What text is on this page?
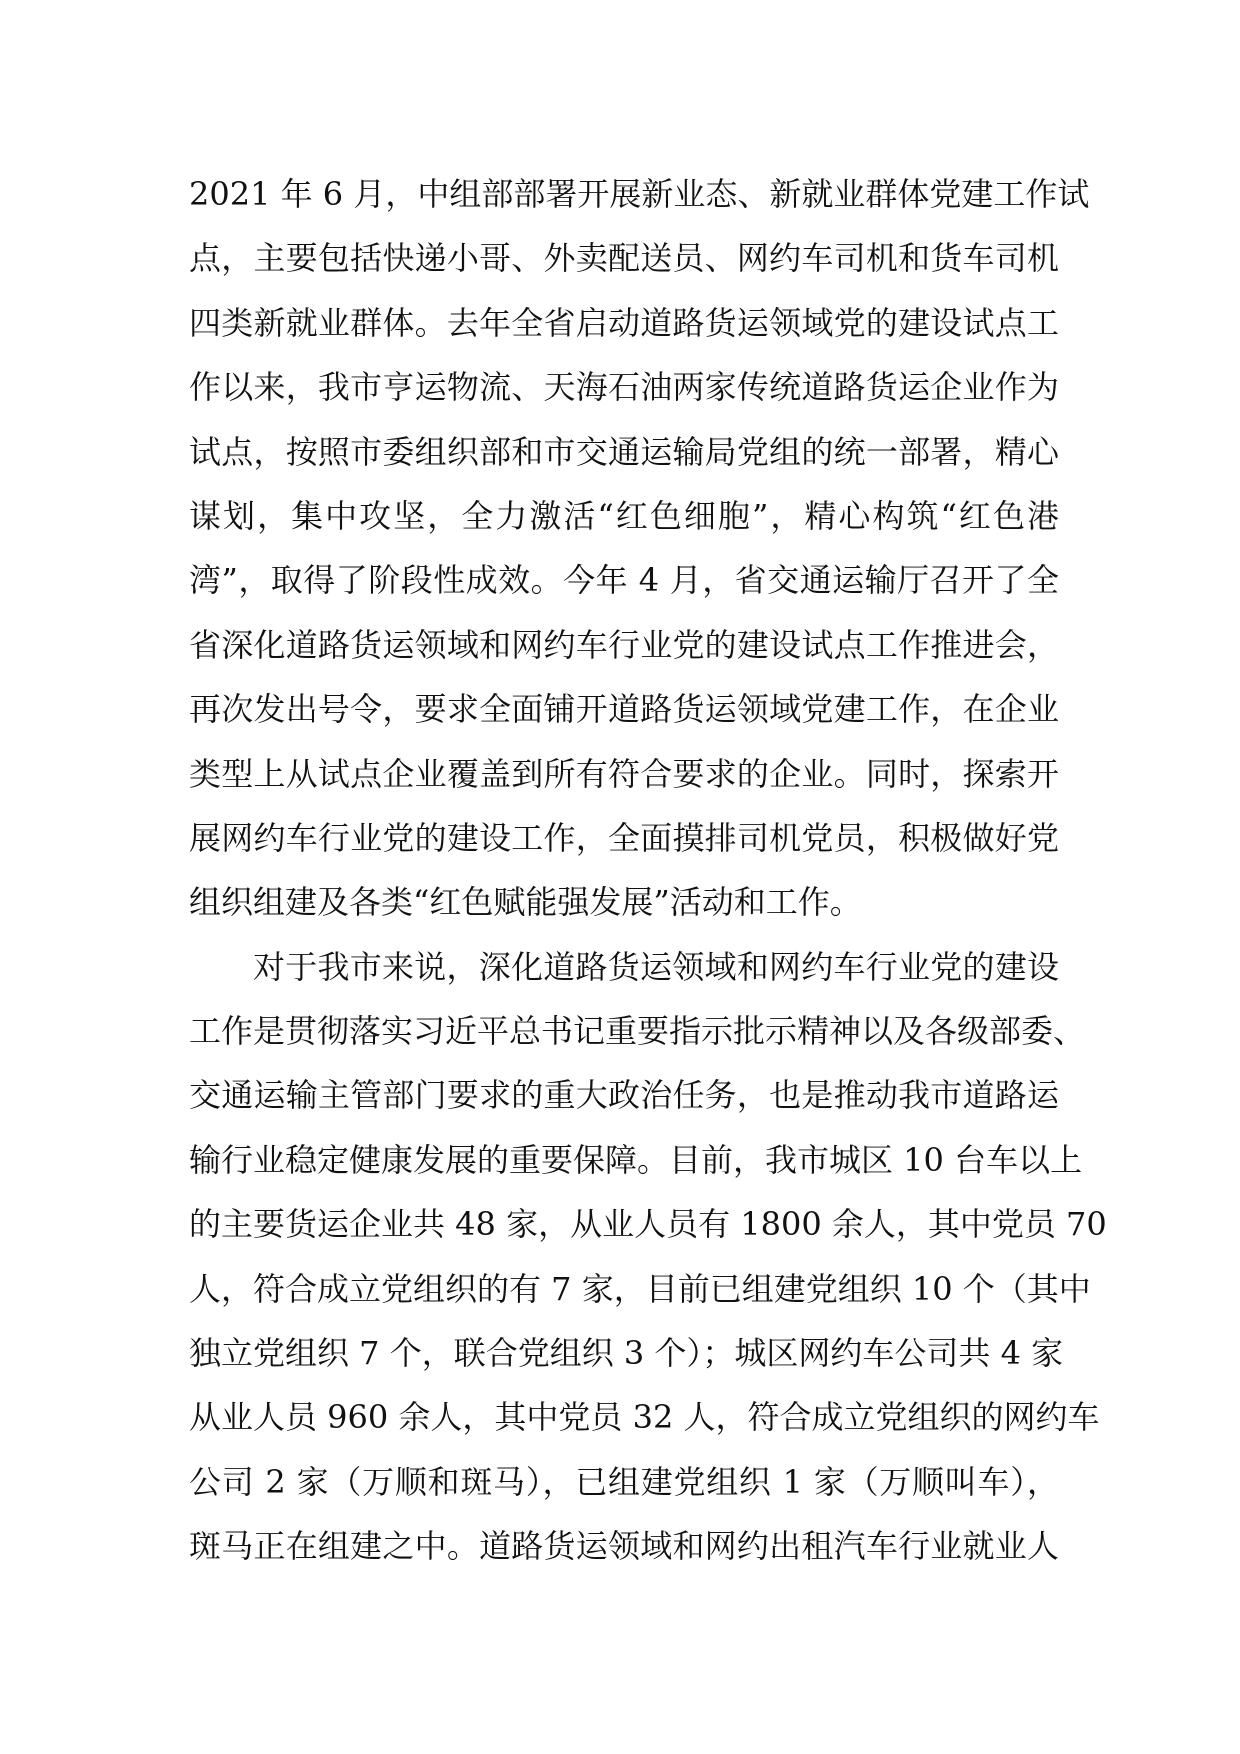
2021 年 6 月，中组部部署开展新业态、新就业群体党建工作试
点，主要包括快递小哥、外卖配送员、网约车司机和货车司机
四类新就业群体。去年全省启动道路货运领域党的建设试点工
作以来，我市亨运物流、天海石油两家传统道路货运企业作为
试点，按照市委组织部和市交通运输局党组的统一部署，精心
谋划，集中攻坚，全力激活“红色细胞”，精心构筑“红色港
湾”，取得了阶段性成效。今年 4 月，省交通运输厅召开了全
省深化道路货运领域和网约车行业党的建设试点工作推进会，
再次发出号令，要求全面铺开道路货运领域党建工作，在企业
类型上从试点企业覆盖到所有符合要求的企业。同时，探索开
展网约车行业党的建设工作，全面摸排司机党员，积极做好党
组织组建及各类“红色赋能强发展”活动和工作。
对于我市来说，深化道路货运领域和网约车行业党的建设
工作是贯彻落实习近平总书记重要指示批示精神以及各级部委、
交通运输主管部门要求的重大政治任务，也是推动我市道路运
输行业稳定健康发展的重要保障。目前，我市城区 10 台车以上
的主要货运企业共 48 家，从业人员有 1800 余人，其中党员 70
人，符合成立党组织的有 7 家，目前已组建党组织 10 个（其中
独立党组织 7 个，联合党组织 3 个）；城区网约车公司共 4 家
从业人员 960 余人，其中党员 32 人，符合成立党组织的网约车
公司 2 家（万顺和斑马），已组建党组织 1 家（万顺叫车），
斑马正在组建之中。道路货运领域和网约出租汽车行业就业人
